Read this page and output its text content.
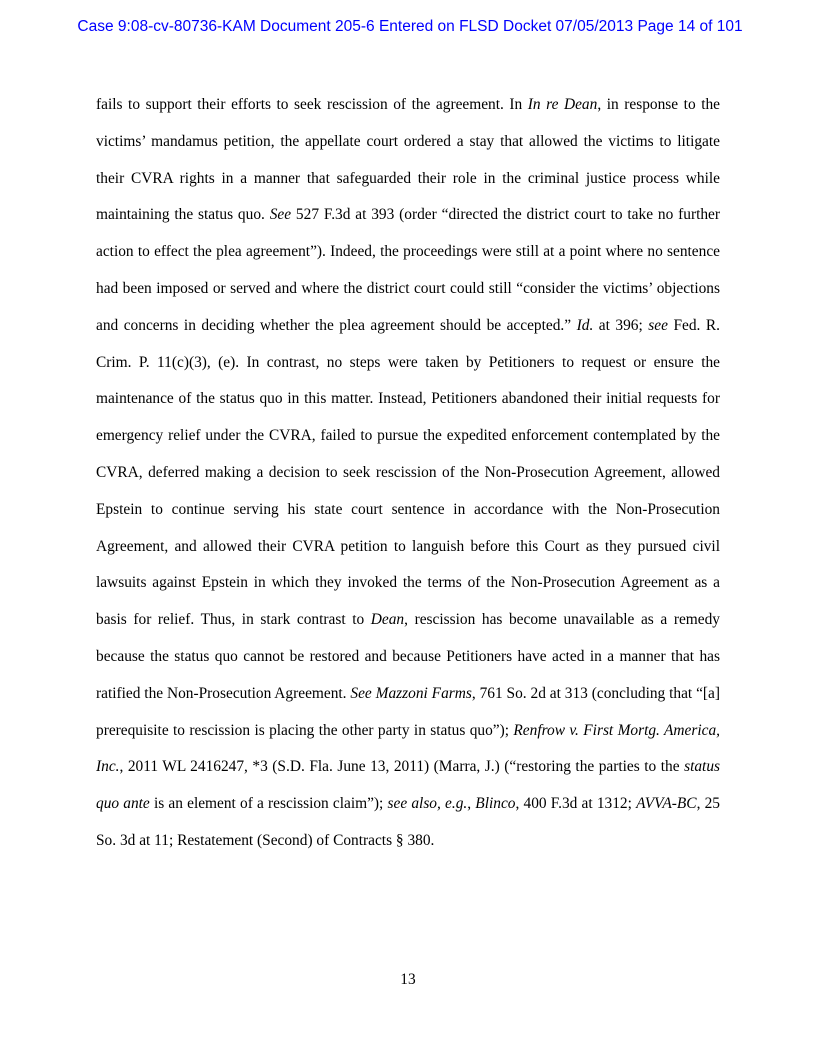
Case 9:08-cv-80736-KAM Document 205-6 Entered on FLSD Docket 07/05/2013 Page 14 of 101

fails to support their efforts to seek rescission of the agreement. In In re Dean, in response to the victims’ mandamus petition, the appellate court ordered a stay that allowed the victims to litigate their CVRA rights in a manner that safeguarded their role in the criminal justice process while maintaining the status quo. See 527 F.3d at 393 (order “directed the district court to take no further action to effect the plea agreement”). Indeed, the proceedings were still at a point where no sentence had been imposed or served and where the district court could still “consider the victims’ objections and concerns in deciding whether the plea agreement should be accepted.” Id. at 396; see Fed. R. Crim. P. 11(c)(3), (e). In contrast, no steps were taken by Petitioners to request or ensure the maintenance of the status quo in this matter. Instead, Petitioners abandoned their initial requests for emergency relief under the CVRA, failed to pursue the expedited enforcement contemplated by the CVRA, deferred making a decision to seek rescission of the Non-Prosecution Agreement, allowed Epstein to continue serving his state court sentence in accordance with the Non-Prosecution Agreement, and allowed their CVRA petition to languish before this Court as they pursued civil lawsuits against Epstein in which they invoked the terms of the Non-Prosecution Agreement as a basis for relief. Thus, in stark contrast to Dean, rescission has become unavailable as a remedy because the status quo cannot be restored and because Petitioners have acted in a manner that has ratified the Non-Prosecution Agreement. See Mazzoni Farms, 761 So. 2d at 313 (concluding that “[a] prerequisite to rescission is placing the other party in status quo”); Renfrow v. First Mortg. America, Inc., 2011 WL 2416247, *3 (S.D. Fla. June 13, 2011) (Marra, J.) (“restoring the parties to the status quo ante is an element of a rescission claim”); see also, e.g., Blinco, 400 F.3d at 1312; AVVA-BC, 25 So. 3d at 11; Restatement (Second) of Contracts § 380.

13
